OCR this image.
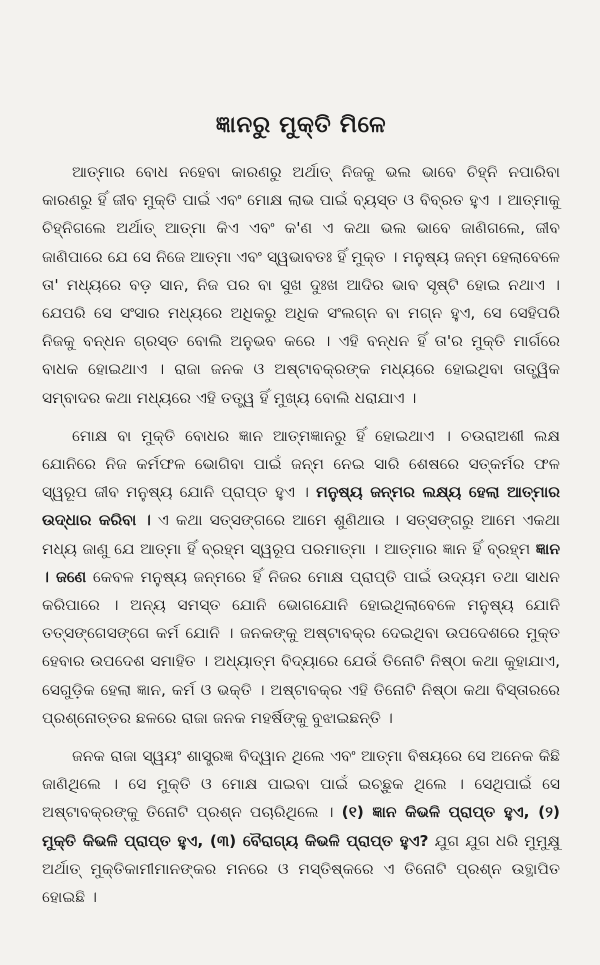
ଜ୍ଞାନରୁ ମୁକ୍ତି ମିଳେ

ଆତ୍ମାର ବୋଧ ନହେବା କାରଣରୁ ଅର୍ଥାତ୍ ନିଜକୁ ଭଲ ଭାବେ ଚିହ୍ନି ନପାରିବା କାରଣରୁ ହିଁ ଜୀବ ମୁକ୍ତି ପାଇଁ ଏବଂ ମୋକ୍ଷ ଲାଭ ପାଇଁ ବ୍ୟସ୍ତ ଓ ବିବ୍ରତ ହୁଏ । ଆତ୍ମାକୁ ଚିହ୍ନିଗଲେ ଅର୍ଥାତ୍ ଆତ୍ମା କିଏ ଏବଂ କ'ଣ ଏ କଥା ଭଲ ଭାବେ ଜାଣିଗଲେ, ଜୀବ ଜାଣିପାରେ ଯେ ସେ ନିଜେ ଆତ୍ମା ଏବଂ ସ୍ୱଭାବତଃ ହିଁ ମୁକ୍ତ । ମନୁଷ୍ୟ ଜନ୍ମ ହେଲାବେଳେ ତା' ମଧ୍ୟରେ ବଡ଼ ସାନ, ନିଜ ପର ବା ସୁଖ ଦୁଃଖ ଆଦିର ଭାବ ସୃଷ୍ଟି ହୋଇ ନଥାଏ । ଯେପରି ସେ ସଂସାର ମଧ୍ୟରେ ଅଧିକରୁ ଅଧିକ ସଂଲଗ୍ନ ବା ମଗ୍ନ ହୁଏ, ସେ ସେହିପରି ନିଜକୁ ବନ୍ଧନ ଗ୍ରସ୍ତ ବୋଲି ଅନୁଭବ କରେ । ଏହି ବନ୍ଧନ ହିଁ ତା'ର ମୁକ୍ତି ମାର୍ଗରେ ବାଧକ ହୋଇଥାଏ । ରାଜା ଜନକ ଓ ଅଷ୍ଟାବକ୍ରଙ୍କ ମଧ୍ୟରେ ହୋଇଥିବା ତାତ୍ତ୍ୱିକ ସମ୍ବାଦର କଥା ମଧ୍ୟରେ ଏହି ତତ୍ତ୍ୱ ହିଁ ମୁଖ୍ୟ ବୋଲି ଧରାଯାଏ ।

ମୋକ୍ଷ ବା ମୁକ୍ତି ବୋଧର ଜ୍ଞାନ ଆତ୍ମଜ୍ଞାନରୁ ହିଁ ହୋଇଥାଏ । ଚଉରାଅଶୀ ଲକ୍ଷ ଯୋନିରେ ନିଜ କର୍ମଫଳ ଭୋଗିବା ପାଇଁ ଜନ୍ମ ନେଇ ସାରି ଶେଷରେ ସତ୍‌କର୍ମର ଫଳ ସ୍ୱରୂପ ଜୀବ ମନୁଷ୍ୟ ଯୋନି ପ୍ରାପ୍ତ ହୁଏ । ମନୁଷ୍ୟ ଜନ୍ମର ଲକ୍ଷ୍ୟ ହେଲା ଆତ୍ମାର ଉଦ୍ଧାର କରିବା । ଏ କଥା ସତ୍‌ସଙ୍ଗରେ ଆମେ ଶୁଣିଥାଉ । ସତ୍‌ସଙ୍ଗରୁ ଆମେ ଏକଥା ମଧ୍ୟ ଜାଣୁ ଯେ ଆତ୍ମା ହିଁ ବ୍ରହ୍ମ ସ୍ୱରୂପ ପରମାତ୍ମା । ଆତ୍ମାର ଜ୍ଞାନ ହିଁ ବ୍ରହ୍ମ ଜ୍ଞାନ । ଜଣେ କେବଳ ମନୁଷ୍ୟ ଜନ୍ମରେ ହିଁ ନିଜର ମୋକ୍ଷ ପ୍ରାପ୍ତି ପାଇଁ ଉଦ୍ୟମ ତଥା ସାଧନ କରିପାରେ । ଅନ୍ୟ ସମସ୍ତ ଯୋନି ଭୋଗଯୋନି ହୋଇଥିଲାବେଳେ ମନୁଷ୍ୟ ଯୋନି ତତ୍‌ସଙ୍ଗେସଙ୍ଗେ କର୍ମ ଯୋନି । ଜନକଙ୍କୁ ଅଷ୍ଟାବକ୍ର ଦେଇଥିବା ଉପଦେଶରେ ମୁକ୍ତ ହେବାର ଉପଦେଶ ସମାହିତ । ଅଧ୍ୟାତ୍ମ ବିଦ୍ୟାରେ ଯେଉଁ ତିନୋଟି ନିଷ୍ଠା କଥା କୁହାଯାଏ, ସେଗୁଡ଼ିକ ହେଲା ଜ୍ଞାନ, କର୍ମ ଓ ଭକ୍ତି । ଅଷ୍ଟାବକ୍ର ଏହି ତିନୋଟି ନିଷ୍ଠା କଥା ବିସ୍ତାରରେ ପ୍ରଶ୍ନୋତ୍ତର ଛଳରେ ରାଜା ଜନକ ମହର୍ଷିଙ୍କୁ ବୁଝାଇଛନ୍ତି ।

ଜନକ ରାଜା ସ୍ୱୟଂ ଶାସ୍ତ୍ରଜ୍ଞ ବିଦ୍ୱାନ ଥିଲେ ଏବଂ ଆତ୍ମା ବିଷୟରେ ସେ ଅନେକ କିଛି ଜାଣିଥିଲେ । ସେ ମୁକ୍ତି ଓ ମୋକ୍ଷ ପାଇବା ପାଇଁ ଇଚ୍ଛୁକ ଥିଲେ । ସେଥିପାଇଁ ସେ ଅଷ୍ଟାବକ୍ରଙ୍କୁ ତିନୋଟି ପ୍ରଶ୍ନ ପଚାରିଥିଲେ । (୧) ଜ୍ଞାନ କିଭଳି ପ୍ରାପ୍ତ ହୁଏ, (୨) ମୁକ୍ତି କିଭଳି ପ୍ରାପ୍ତ ହୁଏ, (୩) ବୈରାଗ୍ୟ କିଭଳି ପ୍ରାପ୍ତ ହୁଏ? ଯୁଗ ଯୁଗ ଧରି ମୁମୁକ୍ଷୁ ଅର୍ଥାତ୍ ମୁକ୍ତିକାମୀମାନଙ୍କର ମନରେ ଓ ମସ୍ତିଷ୍କରେ ଏ ତିନୋଟି ପ୍ରଶ୍ନ ଉତ୍ଥାପିତ ହୋଇଛି ।
